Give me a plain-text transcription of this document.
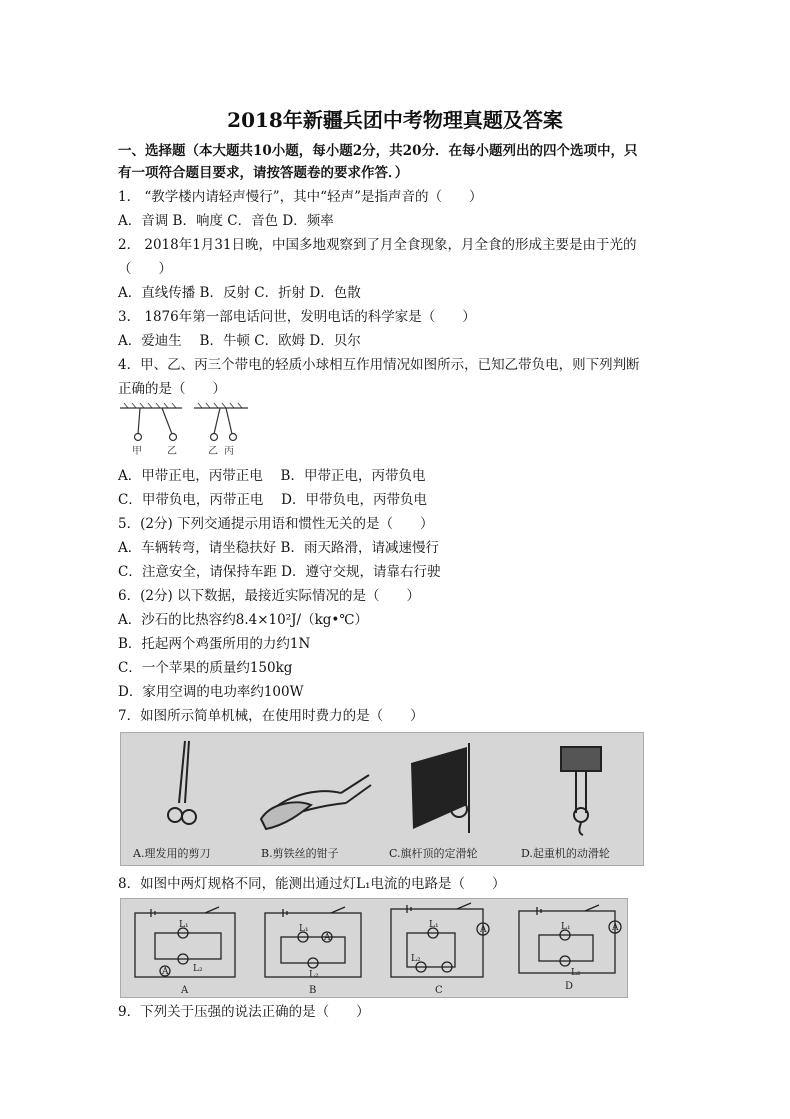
2018年新疆兵团中考物理真题及答案
一、选择题（本大题共10小题，每小题2分，共20分．在每小题列出的四个选项中，只
有一项符合题目要求，请按答题卷的要求作答．）
1． “教学楼内请轻声慢行”，其中“轻声”是指声音的（　　）
A．音调 B．响度 C．音色 D．频率
2． 2018年1月31日晚，中国多地观察到了月全食现象，月全食的形成主要是由于光的
（　　）
A．直线传播 B．反射 C．折射 D．色散
3． 1876年第一部电话问世，发明电话的科学家是（　　）
A．爱迪生　 B．牛顿 C．欧姆 D．贝尔
4．甲、乙、丙三个带电的轻质小球相互作用情况如图所示，已知乙带负电，则下列判断
正确的是（　　）
甲	乙	乙 丙
A．甲带正电，丙带正电　 B．甲带正电，丙带负电
C．甲带负电，丙带正电　 D．甲带负电，丙带负电
5．(2分) 下列交通提示用语和惯性无关的是（　　）
A．车辆转弯，请坐稳扶好 B．雨天路滑，请减速慢行
C．注意安全，请保持车距 D．遵守交规，请靠右行驶
6．(2分) 以下数据，最接近实际情况的是（　　）
A．沙石的比热容约8.4×10²J/（kg•℃）
B．托起两个鸡蛋所用的力约1N
C．一个苹果的质量约150kg
D．家用空调的电功率约100W
7．如图所示简单机械，在使用时费力的是（　　）
A.理发用的剪刀	B.剪铁丝的钳子	C.旗杆顶的定滑轮	D.起重机的动滑轮
8．如图中两灯规格不同，能测出通过灯L₁电流的电路是（　　）
L₁
L₂
A
L₁
A
L₂
A
L₁
L₂
A
L₁
L₂
A	B	C	D
9．下列关于压强的说法正确的是（　　）
